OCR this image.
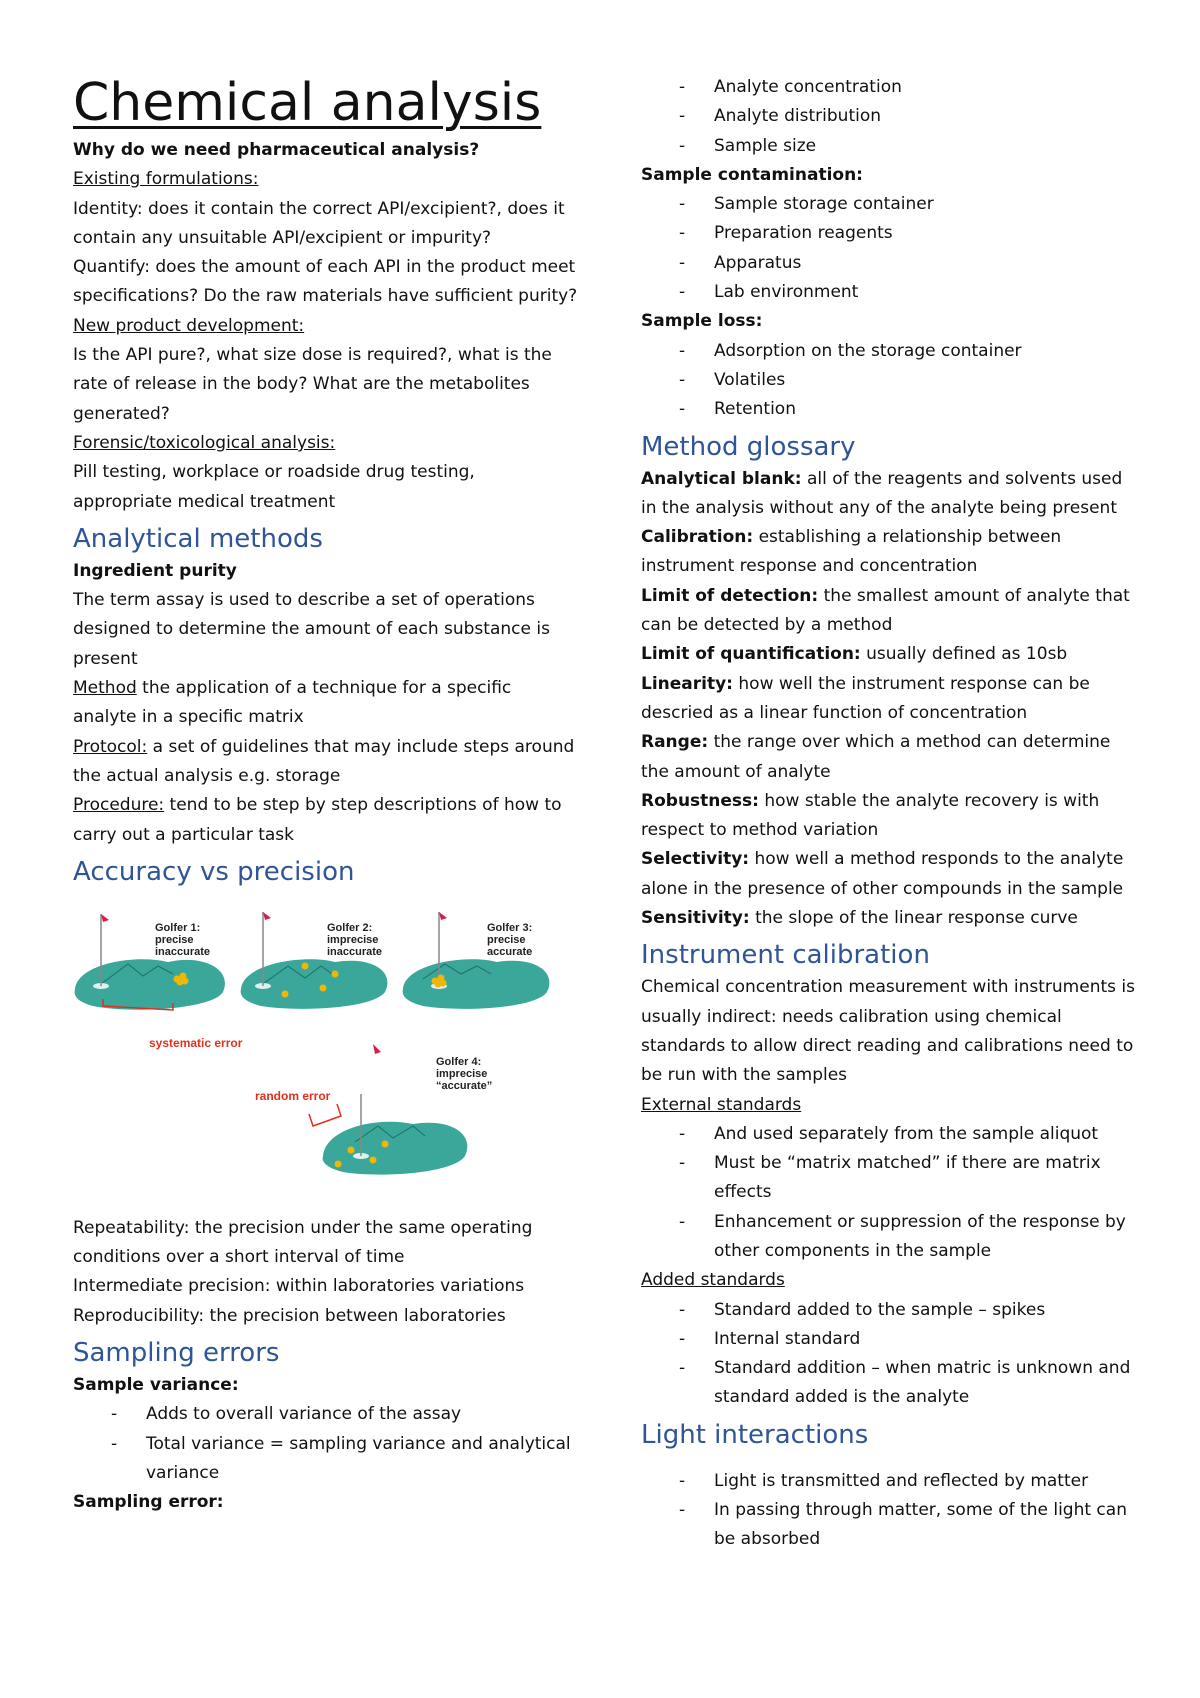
Chemical analysis

Why do we need pharmaceutical analysis?

Existing formulations:

Identity: does it contain the correct API/excipient?, does it contain any unsuitable API/excipient or impurity?

Quantify: does the amount of each API in the product meet specifications? Do the raw materials have sufficient purity?

New product development:

Is the API pure?, what size dose is required?, what is the rate of release in the body? What are the metabolites generated?

Forensic/toxicological analysis:

Pill testing, workplace or roadside drug testing, appropriate medical treatment

Analytical methods

Ingredient purity

The term assay is used to describe a set of operations designed to determine the amount of each substance is present

Method the application of a technique for a specific analyte in a specific matrix

Protocol: a set of guidelines that may include steps around the actual analysis e.g. storage

Procedure: tend to be step by step descriptions of how to carry out a particular task

Accuracy vs precision
Golfer 1:
precise
inaccurate
Golfer 2:
imprecise
inaccurate
Golfer 3:
precise
accurate
Golfer 4:
imprecise
“accurate”
systematic error
random error

Repeatability: the precision under the same operating conditions over a short interval of time

Intermediate precision: within laboratories variations

Reproducibility: the precision between laboratories

Sampling errors

Sample variance:

- Adds to overall variance of the assay
- Total variance = sampling variance and analytical variance

Sampling error:

- Analyte concentration
- Analyte distribution
- Sample size

Sample contamination:

- Sample storage container
- Preparation reagents
- Apparatus
- Lab environment

Sample loss:

- Adsorption on the storage container
- Volatiles
- Retention
Method glossary

Analytical blank: all of the reagents and solvents used in the analysis without any of the analyte being present

Calibration: establishing a relationship between instrument response and concentration

Limit of detection: the smallest amount of analyte that can be detected by a method

Limit of quantification: usually defined as 10sb

Linearity: how well the instrument response can be descried as a linear function of concentration

Range: the range over which a method can determine the amount of analyte

Robustness: how stable the analyte recovery is with respect to method variation

Selectivity: how well a method responds to the analyte alone in the presence of other compounds in the sample

Sensitivity: the slope of the linear response curve

Instrument calibration

Chemical concentration measurement with instruments is usually indirect: needs calibration using chemical standards to allow direct reading and calibrations need to be run with the samples

External standards

- And used separately from the sample aliquot
- Must be “matrix matched” if there are matrix effects
- Enhancement or suppression of the response by other components in the sample

Added standards

- Standard added to the sample – spikes
- Internal standard
- Standard addition – when matric is unknown and standard added is the analyte
Light interactions
- Light is transmitted and reflected by matter
- In passing through matter, some of the light can be absorbed
